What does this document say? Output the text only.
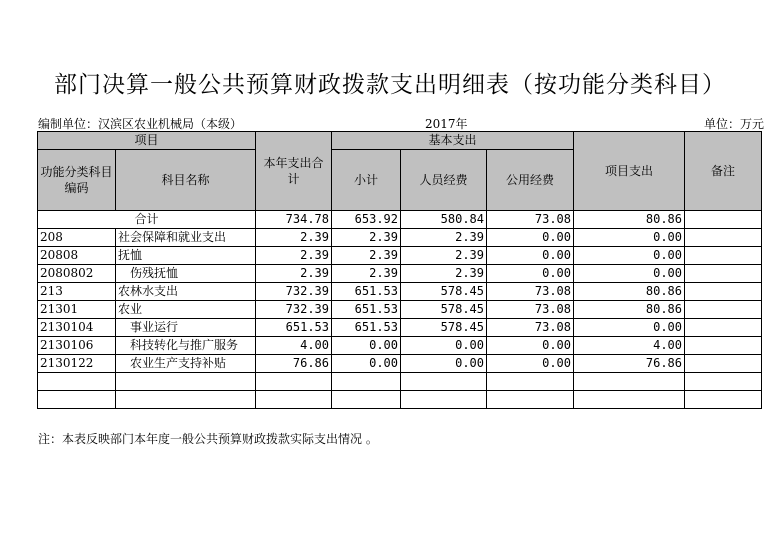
部门决算一般公共预算财政拨款支出明细表（按功能分类科目）
编制单位：汉滨区农业机械局（本级）	2017年	单位：万元
项目		本年支出合计	基本支出			项目支出	备注
功能分类科目编码	科目名称		小计	人员经费	公用经费		

合计		734.78	653.92	580.84	73.08	80.86	
208	社会保障和就业支出	2.39	2.39	2.39	0.00	0.00	
20808	抚恤	2.39	2.39	2.39	0.00	0.00	
2080802	伤残抚恤	2.39	2.39	2.39	0.00	0.00	
213	农林水支出	732.39	651.53	578.45	73.08	80.86	
21301	农业	732.39	651.53	578.45	73.08	80.86	
2130104	事业运行	651.53	651.53	578.45	73.08	0.00	
2130106	科技转化与推广服务	4.00	0.00	0.00	0.00	4.00	
2130122	农业生产支持补贴	76.86	0.00	0.00	0.00	76.86	

注：本表反映部门本年度一般公共预算财政拨款实际支出情况 。
